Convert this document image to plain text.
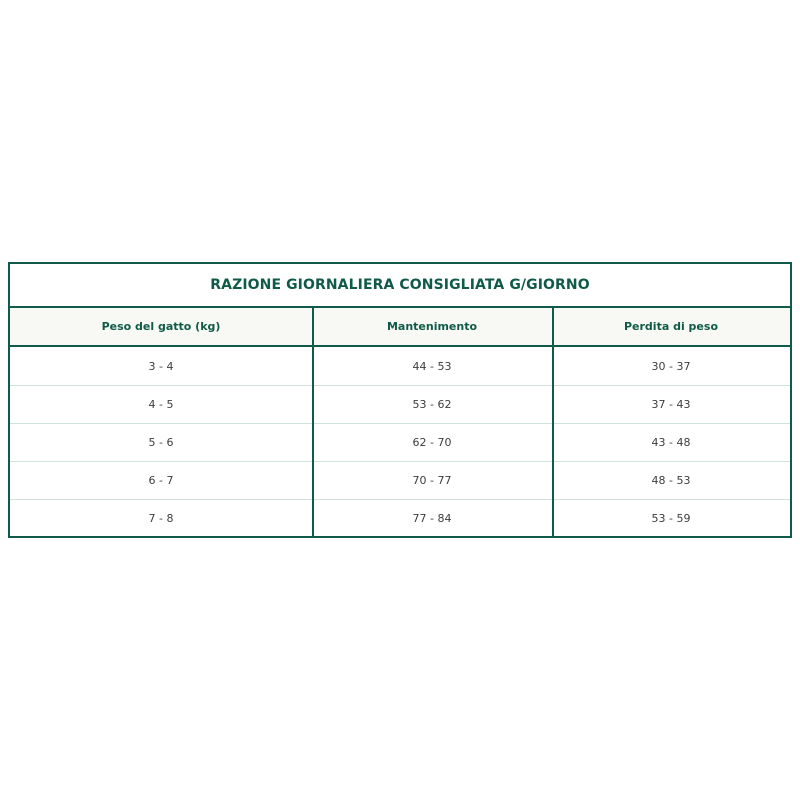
RAZIONE GIORNALIERA CONSIGLIATA G/GIORNO
Peso del gatto (kg)	Mantenimento	Perdita di peso
3 - 4	44 - 53	30 - 37
4 - 5	53 - 62	37 - 43
5 - 6	62 - 70	43 - 48
6 - 7	70 - 77	48 - 53
7 - 8	77 - 84	53 - 59
